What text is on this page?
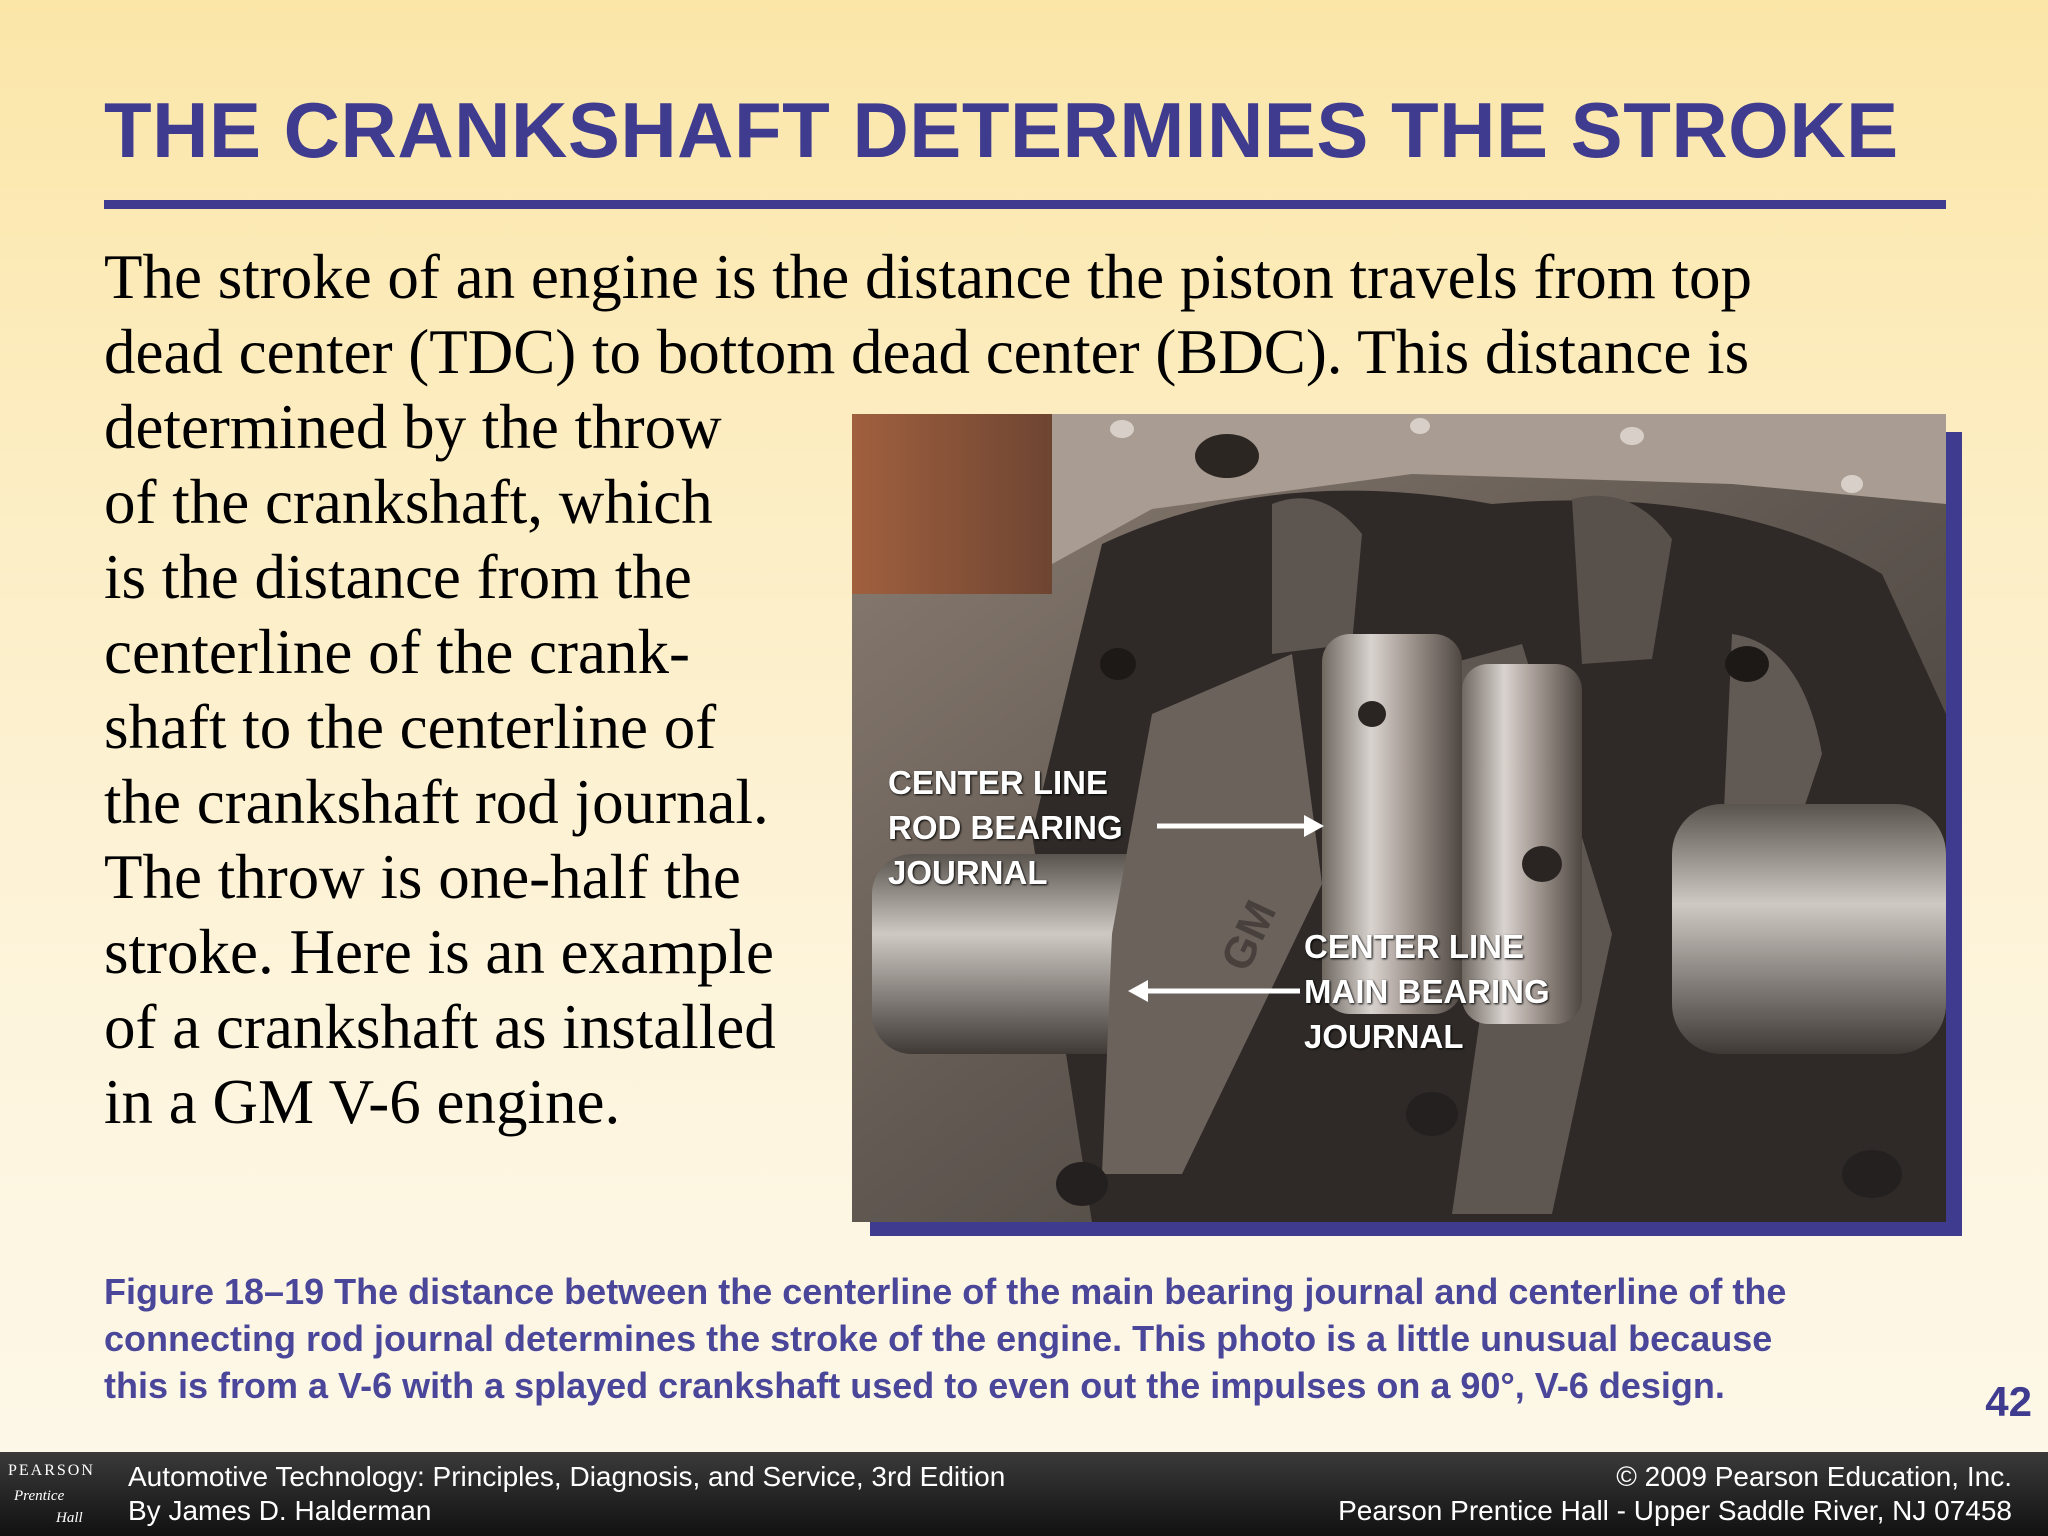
THE CRANKSHAFT DETERMINES THE STROKE
The stroke of an engine is the distance the piston travels from top
dead center (TDC) to bottom dead center (BDC). This distance is
determined by the throw
of the crankshaft, which
is the distance from the
centerline of the crank-
shaft to the centerline of
the crankshaft rod journal.
The throw is one-half the
stroke. Here is an example
of a crankshaft as installed
in a GM V-6 engine.
GM
CENTER LINE
ROD BEARING
JOURNAL
CENTER LINE
MAIN BEARING
JOURNAL
Figure 18–19 The distance between the centerline of the main bearing journal and centerline of the
connecting rod journal determines the stroke of the engine. This photo is a little unusual because
this is from a V-6 with a splayed crankshaft used to even out the impulses on a 90°, V-6 design.	42
PEARSON
Prentice
Hall
Automotive Technology: Principles, Diagnosis, and Service, 3rd Edition
By James D. Halderman
© 2009 Pearson Education, Inc.
Pearson Prentice Hall - Upper Saddle River, NJ 07458
